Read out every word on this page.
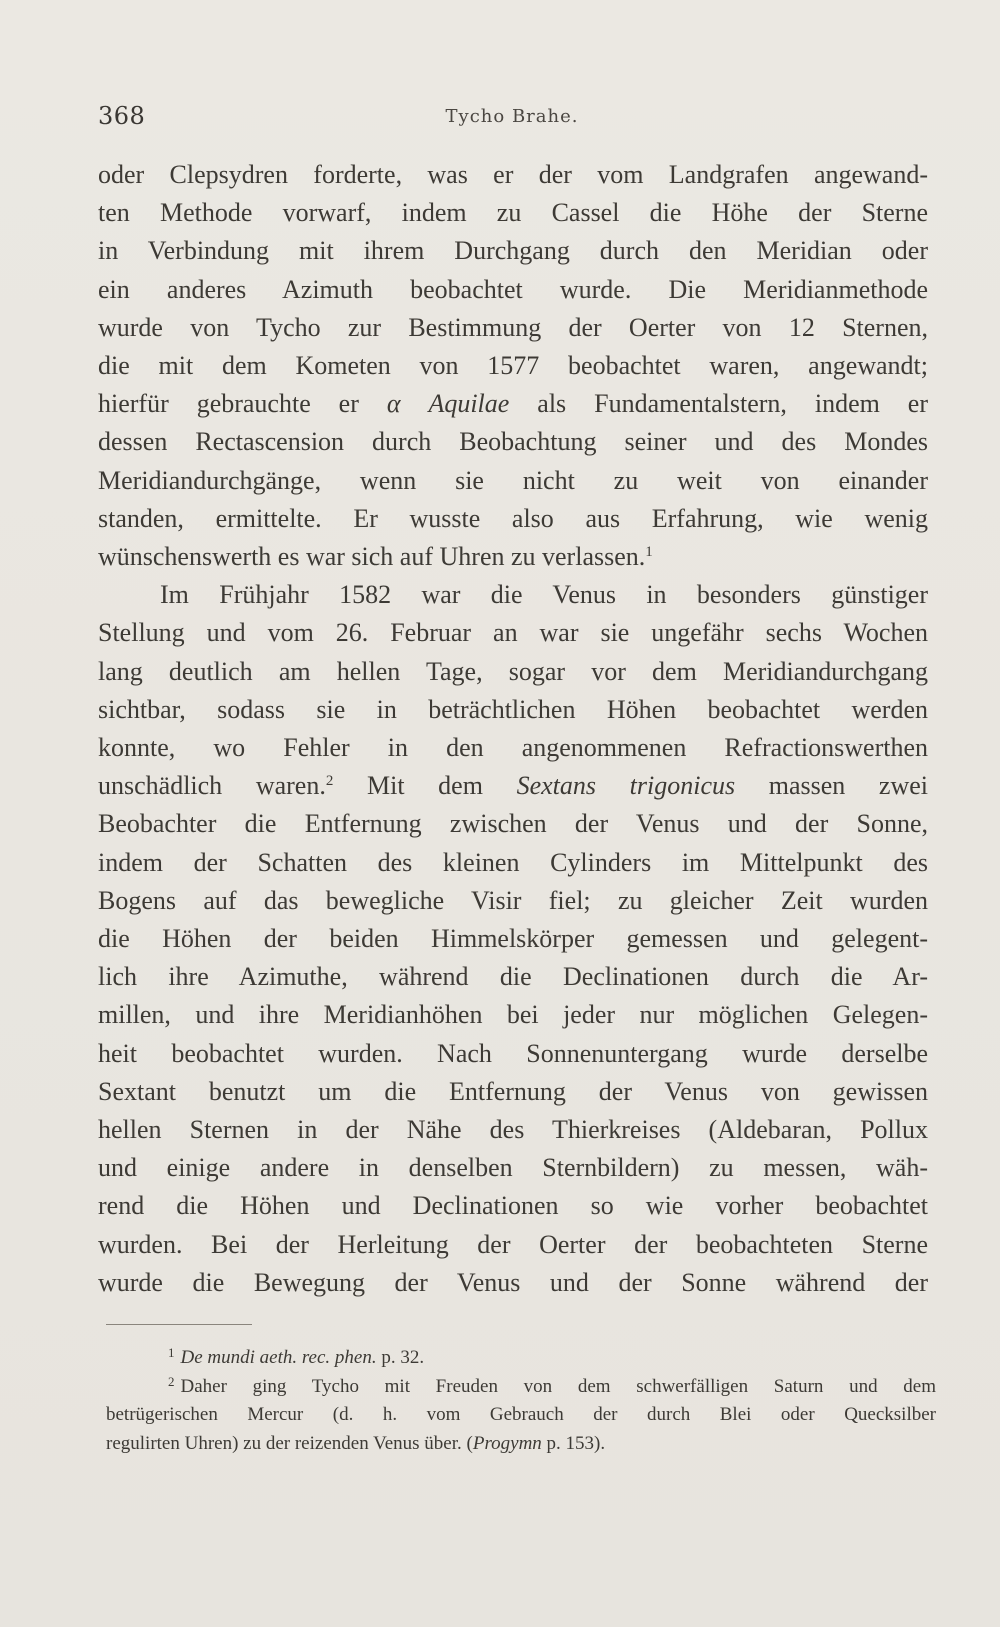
368	Tycho Brahe.
oder Clepsydren forderte, was er der vom Landgrafen angewand-
ten Methode vorwarf, indem zu Cassel die Höhe der Sterne
in Verbindung mit ihrem Durchgang durch den Meridian oder
ein anderes Azimuth beobachtet wurde. Die Meridianmethode
wurde von Tycho zur Bestimmung der Oerter von 12 Sternen,
die mit dem Kometen von 1577 beobachtet waren, angewandt;
hierfür gebrauchte er α Aquilae als Fundamentalstern, indem er
dessen Rectascension durch Beobachtung seiner und des Mondes
Meridiandurchgänge, wenn sie nicht zu weit von einander
standen, ermittelte. Er wusste also aus Erfahrung, wie wenig
wünschenswerth es war sich auf Uhren zu verlassen.$^1$
Im Frühjahr 1582 war die Venus in besonders günstiger
Stellung und vom 26. Februar an war sie ungefähr sechs Wochen
lang deutlich am hellen Tage, sogar vor dem Meridiandurchgang
sichtbar, sodass sie in beträchtlichen Höhen beobachtet werden
konnte, wo Fehler in den angenommenen Refractionswerthen
unschädlich waren.$^2$ Mit dem Sextans trigonicus massen zwei
Beobachter die Entfernung zwischen der Venus und der Sonne,
indem der Schatten des kleinen Cylinders im Mittelpunkt des
Bogens auf das bewegliche Visir fiel; zu gleicher Zeit wurden
die Höhen der beiden Himmelskörper gemessen und gelegent-
lich ihre Azimuthe, während die Declinationen durch die Ar-
millen, und ihre Meridianhöhen bei jeder nur möglichen Gelegen-
heit beobachtet wurden. Nach Sonnenuntergang wurde derselbe
Sextant benutzt um die Entfernung der Venus von gewissen
hellen Sternen in der Nähe des Thierkreises (Aldebaran, Pollux
und einige andere in denselben Sternbildern) zu messen, wäh-
rend die Höhen und Declinationen so wie vorher beobachtet
wurden. Bei der Herleitung der Oerter der beobachteten Sterne
wurde die Bewegung der Venus und der Sonne während der
$^1$ De mundi aeth. rec. phen. p. 32.
$^2$ Daher ging Tycho mit Freuden von dem schwerfälligen Saturn und dem
betrügerischen Mercur (d. h. vom Gebrauch der durch Blei oder Quecksilber
regulirten Uhren) zu der reizenden Venus über. (Progymn p. 153).
